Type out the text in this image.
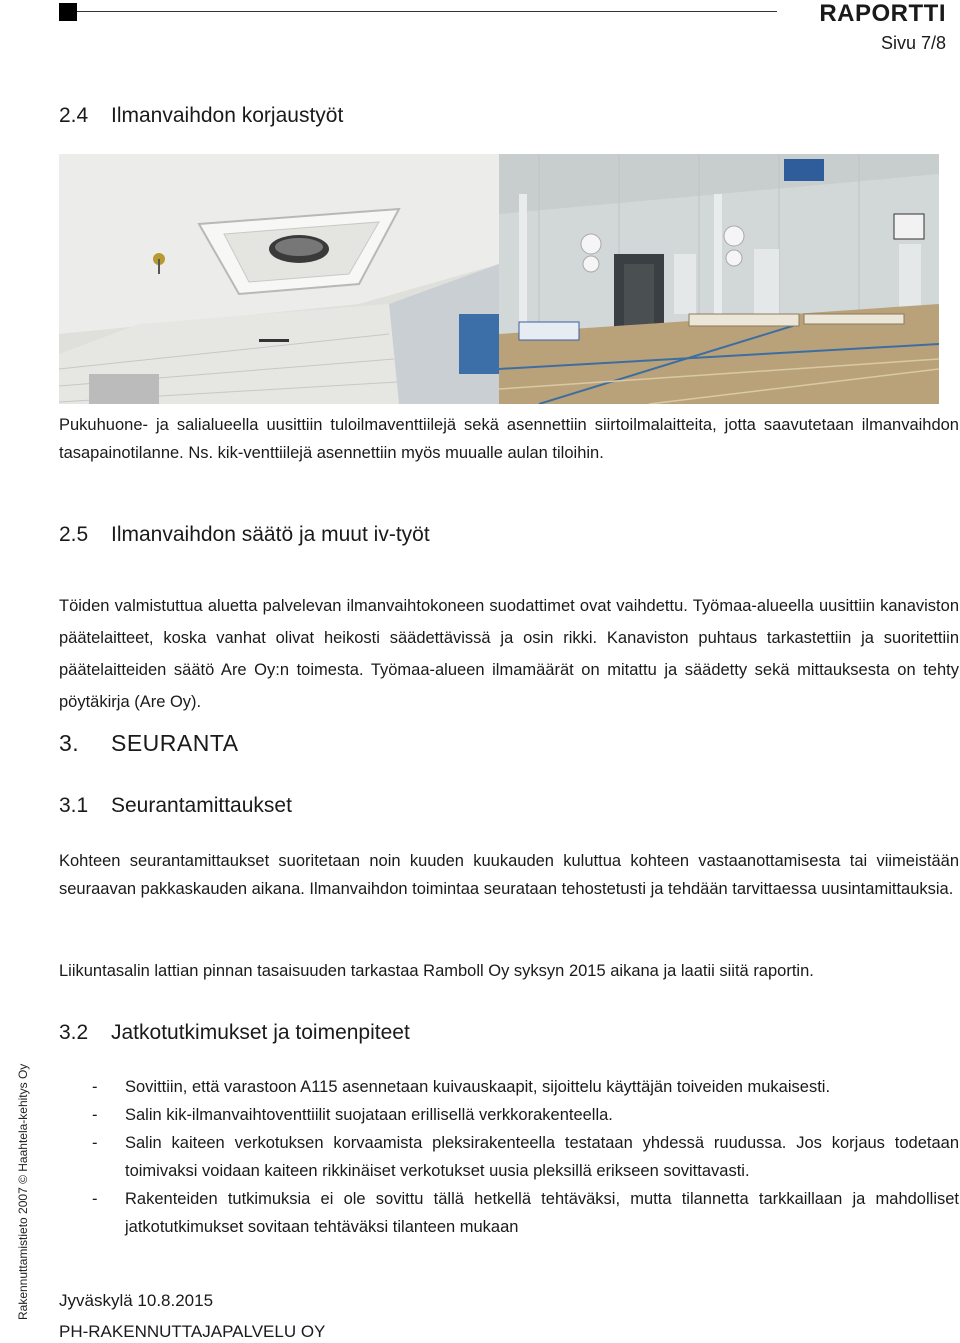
RAPORTTI
Sivu 7/8
2.4 Ilmanvaihdon korjaustyöt

Pukuhuone- ja salialueella uusittiin tuloilmaventtiilejä sekä asennettiin siirtoilmalaitteita, jotta saavutetaan ilmanvaihdon tasapainotilanne. Ns. kik-venttiilejä asennettiin myös muualle aulan tiloihin.

2.5 Ilmanvaihdon säätö ja muut iv-työt

Töiden valmistuttua aluetta palvelevan ilmanvaihtokoneen suodattimet ovat vaihdettu. Työmaa-alueella uusittiin kanaviston päätelaitteet, koska vanhat olivat heikosti säädettävissä ja osin rikki. Kanaviston puhtaus tarkastettiin ja suoritettiin päätelaitteiden säätö Are Oy:n toimesta. Työmaa-alueen ilmamäärät on mitattu ja säädetty sekä mittauksesta on tehty pöytäkirja (Are Oy).

3. SEURANTA
3.1 Seurantamittaukset

Kohteen seurantamittaukset suoritetaan noin kuuden kuukauden kuluttua kohteen vastaanottamisesta tai viimeistään seuraavan pakkaskauden aikana. Ilmanvaihdon toimintaa seurataan tehostetusti ja tehdään tarvittaessa uusintamittauksia.

Liikuntasalin lattian pinnan tasaisuuden tarkastaa Ramboll Oy syksyn 2015 aikana ja laatii siitä raportin.

3.2 Jatkotutkimukset ja toimenpiteet
- Sovittiin, että varastoon A115 asennetaan kuivauskaapit, sijoittelu käyttäjän toiveiden mukaisesti.
- Salin kik-ilmanvaihtoventtiilit suojataan erillisellä verkkorakenteella.
- Salin kaiteen verkotuksen korvaamista pleksirakenteella testataan yhdessä ruudussa. Jos korjaus todetaan toimivaksi voidaan kaiteen rikkinäiset verkotukset uusia pleksillä erikseen sovittavasti.
- Rakenteiden tutkimuksia ei ole sovittu tällä hetkellä tehtäväksi, mutta tilannetta tarkkaillaan ja mahdolliset jatkotutkimukset sovitaan tehtäväksi tilanteen mukaan
Rakennuttamistieto 2007 © Haahtela-kehitys Oy Jyväskylä 10.8.2015
PH-RAKENNUTTAJAPALVELU OY
